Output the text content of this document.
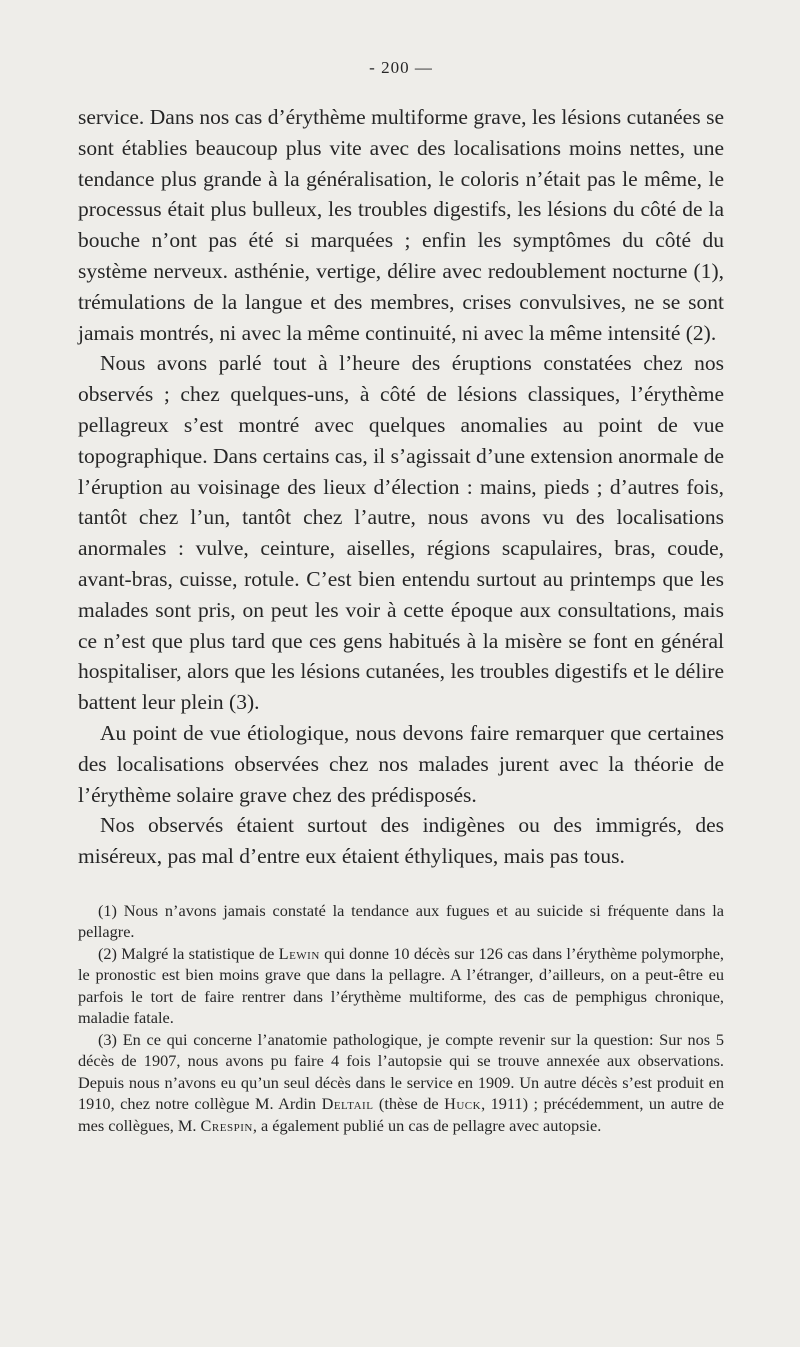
- 200 —

service. Dans nos cas d’érythème multiforme grave, les lésions cutanées se sont établies beaucoup plus vite avec des localisations moins nettes, une tendance plus grande à la généralisation, le coloris n’était pas le même, le processus était plus bulleux, les troubles digestifs, les lésions du côté de la bouche n’ont pas été si marquées ; enfin les symptômes du côté du système nerveux. asthénie, vertige, délire avec redoublement nocturne (1), trémulations de la langue et des membres, crises convulsives, ne se sont jamais montrés, ni avec la même continuité, ni avec la même intensité (2).

Nous avons parlé tout à l’heure des éruptions constatées chez nos observés ; chez quelques-uns, à côté de lésions classiques, l’érythème pellagreux s’est montré avec quelques anomalies au point de vue topographique. Dans certains cas, il s’agissait d’une extension anormale de l’éruption au voisinage des lieux d’élection : mains, pieds ; d’autres fois, tantôt chez l’un, tantôt chez l’autre, nous avons vu des localisations anormales : vulve, ceinture, aiselles, régions scapulaires, bras, coude, avant-bras, cuisse, rotule. C’est bien entendu surtout au printemps que les malades sont pris, on peut les voir à cette époque aux consultations, mais ce n’est que plus tard que ces gens habitués à la misère se font en général hospitaliser, alors que les lésions cutanées, les troubles digestifs et le délire battent leur plein (3).

Au point de vue étiologique, nous devons faire remarquer que certaines des localisations observées chez nos malades jurent avec la théorie de l’érythème solaire grave chez des prédisposés.

Nos observés étaient surtout des indigènes ou des immigrés, des miséreux, pas mal d’entre eux étaient éthyliques, mais pas tous.

(1) Nous n’avons jamais constaté la tendance aux fugues et au suicide si fréquente dans la pellagre.

(2) Malgré la statistique de Lewin qui donne 10 décès sur 126 cas dans l’érythème polymorphe, le pronostic est bien moins grave que dans la pellagre. A l’étranger, d’ailleurs, on a peut-être eu parfois le tort de faire rentrer dans l’érythème multiforme, des cas de pemphigus chronique, maladie fatale.

(3) En ce qui concerne l’anatomie pathologique, je compte revenir sur la question: Sur nos 5 décès de 1907, nous avons pu faire 4 fois l’autopsie qui se trouve annexée aux observations. Depuis nous n’avons eu qu’un seul décès dans le service en 1909. Un autre décès s’est produit en 1910, chez notre collègue M. Ardin Deltail (thèse de Huck, 1911) ; précédemment, un autre de mes collègues, M. Crespin, a également publié un cas de pellagre avec autopsie.
